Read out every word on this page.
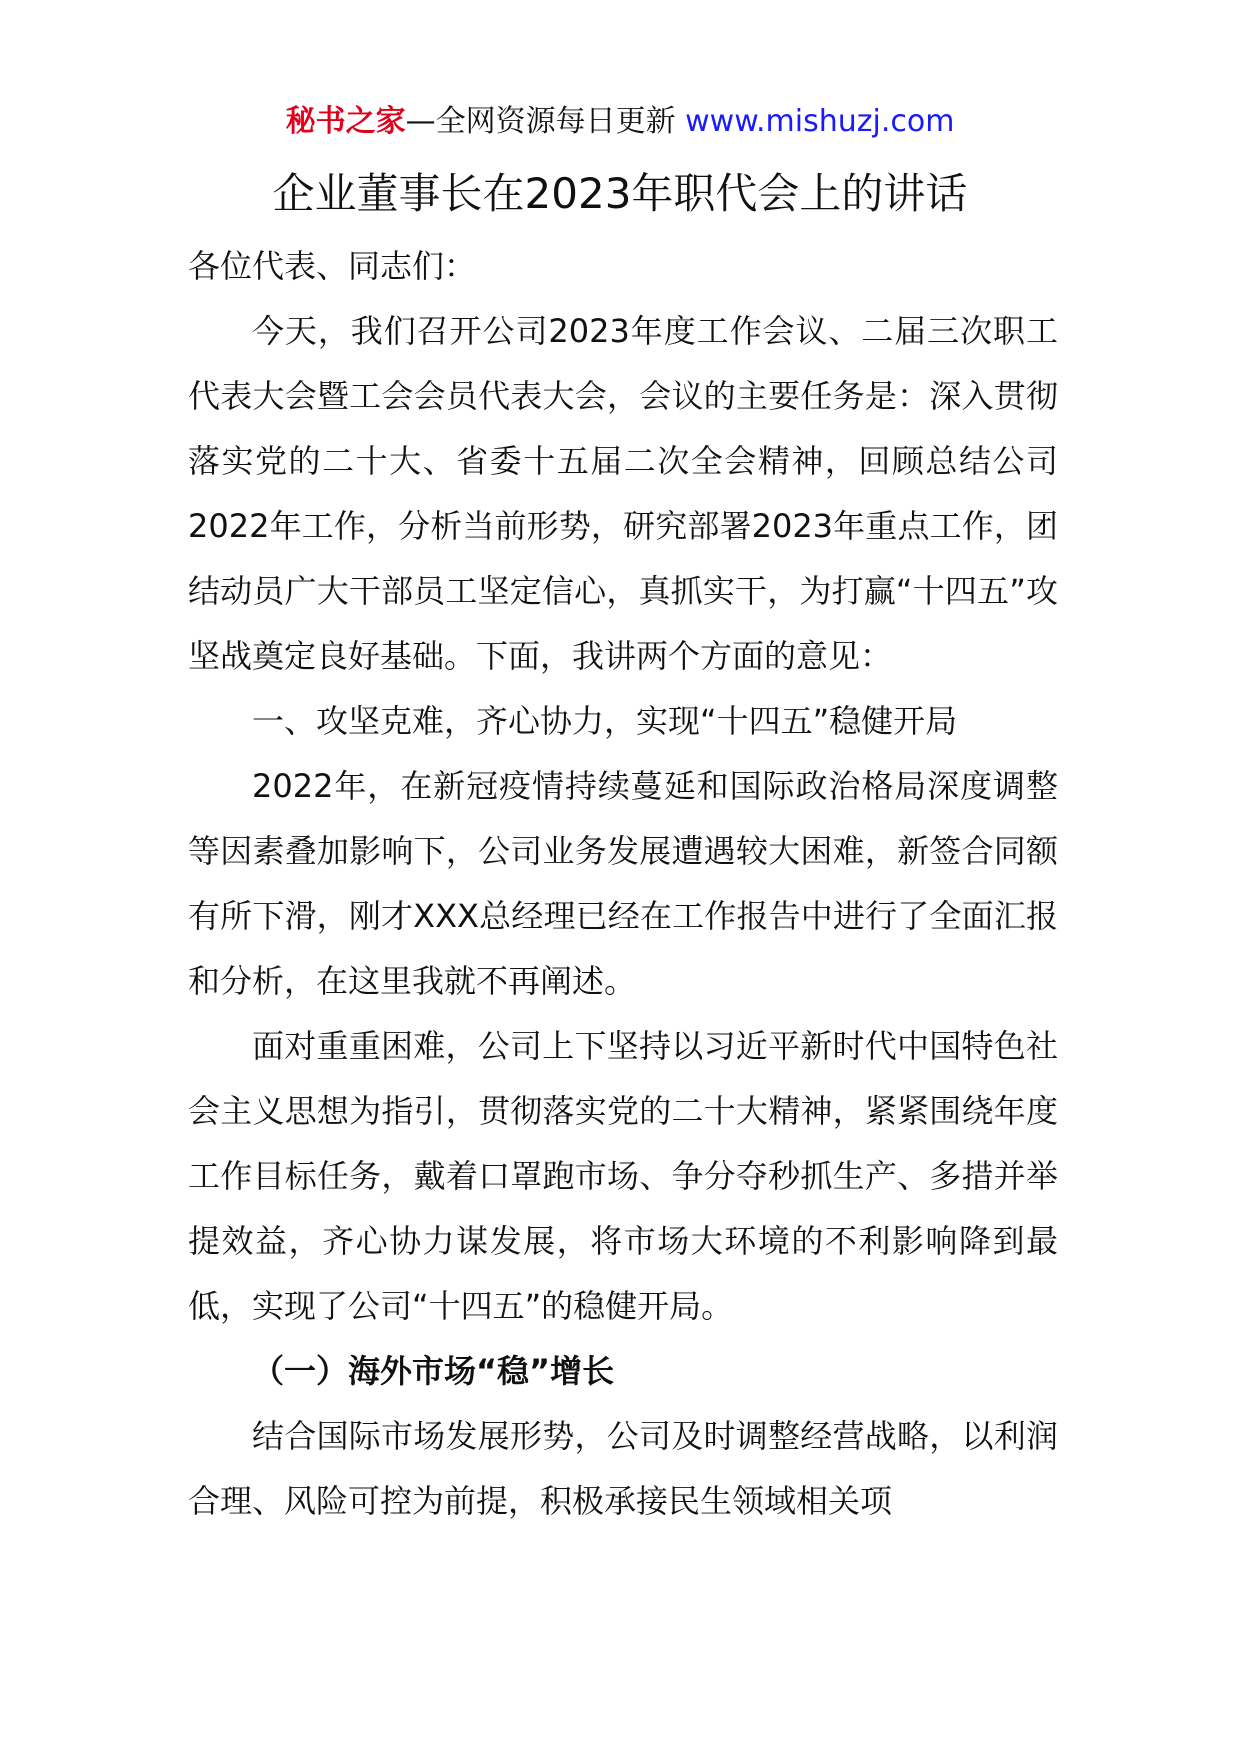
秘书之家—全网资源每日更新 www.mishuzj.com
企业董事长在2023年职代会上的讲话

各位代表、同志们：

今天，我们召开公司2023年度工作会议、二届三次职工代表大会暨工会会员代表大会，会议的主要任务是：深入贯彻落实党的二十大、省委十五届二次全会精神，回顾总结公司2022年工作，分析当前形势，研究部署2023年重点工作，团结动员广大干部员工坚定信心，真抓实干，为打赢“十四五”攻坚战奠定良好基础。下面，我讲两个方面的意见：

一、攻坚克难，齐心协力，实现“十四五”稳健开局

2022年，在新冠疫情持续蔓延和国际政治格局深度调整等因素叠加影响下，公司业务发展遭遇较大困难，新签合同额有所下滑，刚才XXX总经理已经在工作报告中进行了全面汇报和分析，在这里我就不再阐述。

面对重重困难，公司上下坚持以习近平新时代中国特色社会主义思想为指引，贯彻落实党的二十大精神，紧紧围绕年度工作目标任务，戴着口罩跑市场、争分夺秒抓生产、多措并举提效益，齐心协力谋发展，将市场大环境的不利影响降到最低，实现了公司“十四五”的稳健开局。

（一）海外市场“稳”增长

结合国际市场发展形势，公司及时调整经营战略，以利润合理、风险可控为前提，积极承接民生领域相关项
